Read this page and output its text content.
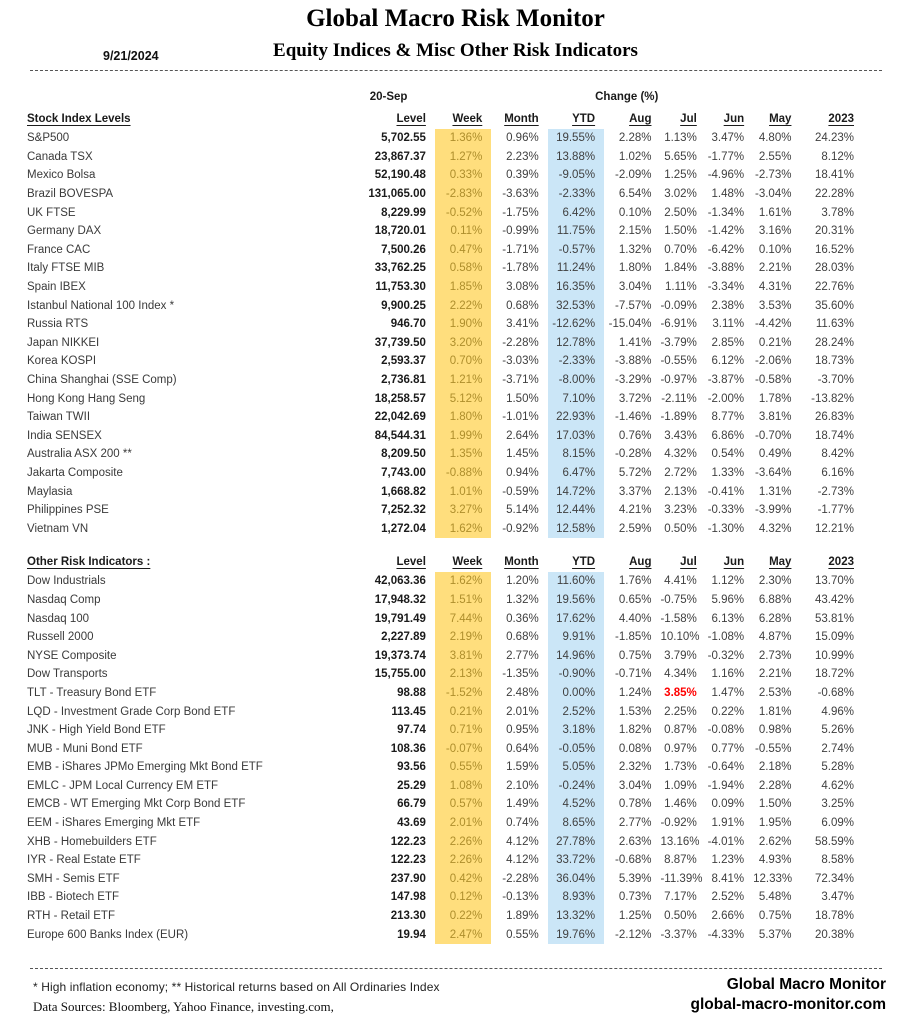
Global Macro Risk Monitor
9/21/2024	Equity Indices & Misc Other Risk Indicators
	20-Sep			Change (%)					
Stock Index Levels	Level	Week	Month	YTD	Aug	Jul	Jun	May	2023
S&P500	5,702.55	1.36%	0.96%	19.55%	2.28%	1.13%	3.47%	4.80%	24.23%
Canada TSX	23,867.37	1.27%	2.23%	13.88%	1.02%	5.65%	-1.77%	2.55%	8.12%
Mexico Bolsa	52,190.48	0.33%	0.39%	-9.05%	-2.09%	1.25%	-4.96%	-2.73%	18.41%
Brazil BOVESPA	131,065.00	-2.83%	-3.63%	-2.33%	6.54%	3.02%	1.48%	-3.04%	22.28%
UK FTSE	8,229.99	-0.52%	-1.75%	6.42%	0.10%	2.50%	-1.34%	1.61%	3.78%
Germany DAX	18,720.01	0.11%	-0.99%	11.75%	2.15%	1.50%	-1.42%	3.16%	20.31%
France CAC	7,500.26	0.47%	-1.71%	-0.57%	1.32%	0.70%	-6.42%	0.10%	16.52%
Italy FTSE MIB	33,762.25	0.58%	-1.78%	11.24%	1.80%	1.84%	-3.88%	2.21%	28.03%
Spain IBEX	11,753.30	1.85%	3.08%	16.35%	3.04%	1.11%	-3.34%	4.31%	22.76%
Istanbul National 100 Index *	9,900.25	2.22%	0.68%	32.53%	-7.57%	-0.09%	2.38%	3.53%	35.60%
Russia RTS	946.70	1.90%	3.41%	-12.62%	-15.04%	-6.91%	3.11%	-4.42%	11.63%
Japan NIKKEI	37,739.50	3.20%	-2.28%	12.78%	1.41%	-3.79%	2.85%	0.21%	28.24%
Korea KOSPI	2,593.37	0.70%	-3.03%	-2.33%	-3.88%	-0.55%	6.12%	-2.06%	18.73%
China Shanghai (SSE Comp)	2,736.81	1.21%	-3.71%	-8.00%	-3.29%	-0.97%	-3.87%	-0.58%	-3.70%
Hong Kong Hang Seng	18,258.57	5.12%	1.50%	7.10%	3.72%	-2.11%	-2.00%	1.78%	-13.82%
Taiwan TWII	22,042.69	1.80%	-1.01%	22.93%	-1.46%	-1.89%	8.77%	3.81%	26.83%
India SENSEX	84,544.31	1.99%	2.64%	17.03%	0.76%	3.43%	6.86%	-0.70%	18.74%
Australia ASX 200 **	8,209.50	1.35%	1.45%	8.15%	-0.28%	4.32%	0.54%	0.49%	8.42%
Jakarta Composite	7,743.00	-0.88%	0.94%	6.47%	5.72%	2.72%	1.33%	-3.64%	6.16%
Maylasia	1,668.82	1.01%	-0.59%	14.72%	3.37%	2.13%	-0.41%	1.31%	-2.73%
Philippines PSE	7,252.32	3.27%	5.14%	12.44%	4.21%	3.23%	-0.33%	-3.99%	-1.77%
Vietnam VN	1,272.04	1.62%	-0.92%	12.58%	2.59%	0.50%	-1.30%	4.32%	12.21%
Other Risk Indicators :	Level	Week	Month	YTD	Aug	Jul	Jun	May	2023
Dow Industrials	42,063.36	1.62%	1.20%	11.60%	1.76%	4.41%	1.12%	2.30%	13.70%
Nasdaq Comp	17,948.32	1.51%	1.32%	19.56%	0.65%	-0.75%	5.96%	6.88%	43.42%
Nasdaq 100	19,791.49	7.44%	0.36%	17.62%	4.40%	-1.58%	6.13%	6.28%	53.81%
Russell 2000	2,227.89	2.19%	0.68%	9.91%	-1.85%	10.10%	-1.08%	4.87%	15.09%
NYSE Composite	19,373.74	3.81%	2.77%	14.96%	0.75%	3.79%	-0.32%	2.73%	10.99%
Dow Transports	15,755.00	2.13%	-1.35%	-0.90%	-0.71%	4.34%	1.16%	2.21%	18.72%
TLT - Treasury Bond ETF	98.88	-1.52%	2.48%	0.00%	1.24%	3.85%	1.47%	2.53%	-0.68%
LQD - Investment Grade Corp Bond ETF	113.45	0.21%	2.01%	2.52%	1.53%	2.25%	0.22%	1.81%	4.96%
JNK - High Yield Bond ETF	97.74	0.71%	0.95%	3.18%	1.82%	0.87%	-0.08%	0.98%	5.26%
MUB - Muni Bond ETF	108.36	-0.07%	0.64%	-0.05%	0.08%	0.97%	0.77%	-0.55%	2.74%
EMB - iShares JPMo Emerging Mkt Bond ETF	93.56	0.55%	1.59%	5.05%	2.32%	1.73%	-0.64%	2.18%	5.28%
EMLC - JPM Local Currency EM ETF	25.29	1.08%	2.10%	-0.24%	3.04%	1.09%	-1.94%	2.28%	4.62%
EMCB - WT Emerging Mkt Corp Bond ETF	66.79	0.57%	1.49%	4.52%	0.78%	1.46%	0.09%	1.50%	3.25%
EEM - iShares Emerging Mkt ETF	43.69	2.01%	0.74%	8.65%	2.77%	-0.92%	1.91%	1.95%	6.09%
XHB - Homebuilders ETF	122.23	2.26%	4.12%	27.78%	2.63%	13.16%	-4.01%	2.62%	58.59%
IYR - Real Estate ETF	122.23	2.26%	4.12%	33.72%	-0.68%	8.87%	1.23%	4.93%	8.58%
SMH - Semis ETF	237.90	0.42%	-2.28%	36.04%	5.39%	-11.39%	8.41%	12.33%	72.34%
IBB - Biotech ETF	147.98	0.12%	-0.13%	8.93%	0.73%	7.17%	2.52%	5.48%	3.47%
RTH - Retail ETF	213.30	0.22%	1.89%	13.32%	1.25%	0.50%	2.66%	0.75%	18.78%
Europe 600 Banks Index (EUR)	19.94	2.47%	0.55%	19.76%	-2.12%	-3.37%	-4.33%	5.37%	20.38%
* High inflation economy; ** Historical returns based on All Ordinaries Index
Data Sources: Bloomberg, Yahoo Finance, investing.com,
Global Macro Monitor
global-macro-monitor.com
